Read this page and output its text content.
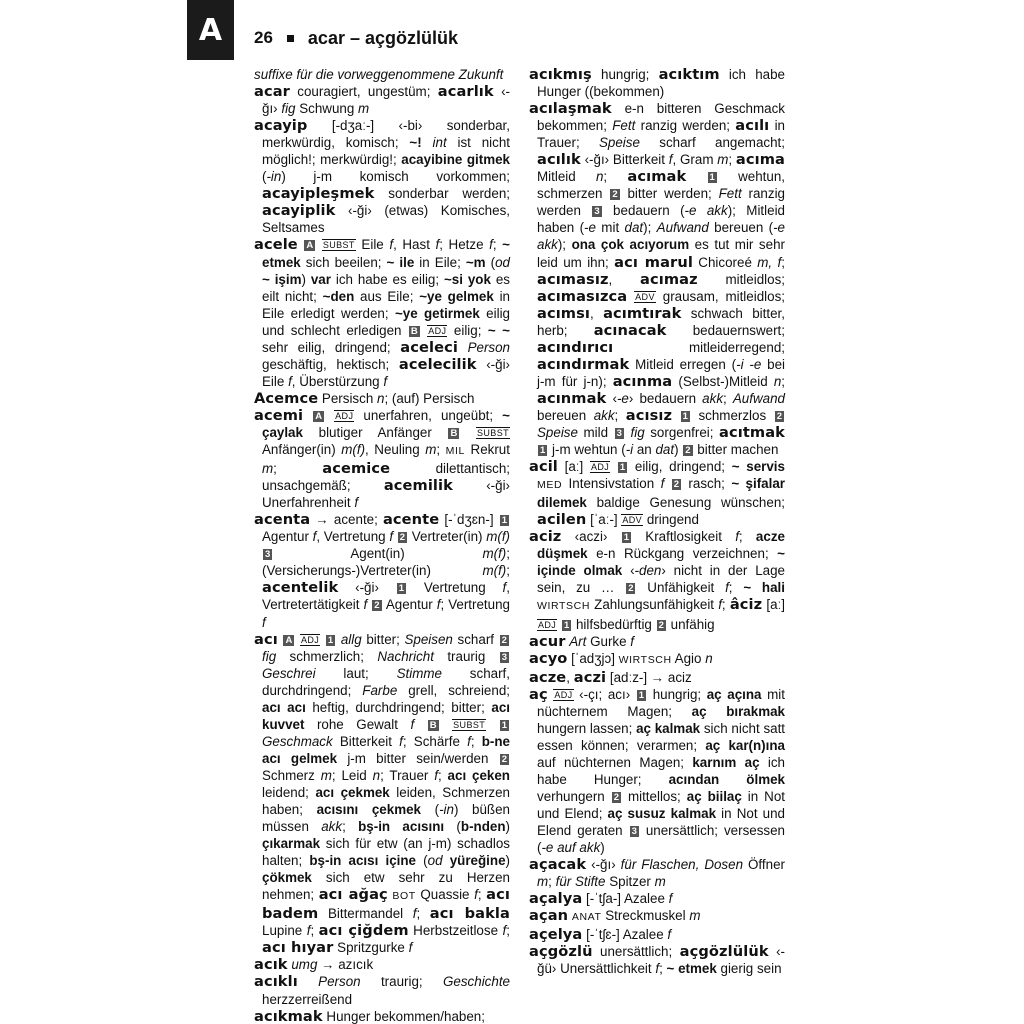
A 26 acar – açgözlülük
suffixe für die vorweggenommene Zukunft
acar couragiert, ungestüm; acarlık ‹-ğı› fig Schwung m
acayip [-dʒaː-] ‹-bi› sonderbar, merkwürdig, komisch; ~! int ist nicht möglich!; merkwürdig!; acayibine gitmek (-in) j-m komisch vorkommen; acayipleşmek sonderbar werden; acayiplik ‹-ği› (etwas) Komisches, Seltsames
acele A SUBST Eile f, Hast f; Hetze f; ~ etmek sich beeilen; ~ ile in Eile; ~m (od ~ işim) var ich habe es eilig; ~si yok es eilt nicht; ~den aus Eile; ~ye gelmek in Eile erledigt werden; ~ye getirmek eilig und schlecht erledigen B ADJ eilig; ~ ~ sehr eilig, dringend; aceleci Person geschäftig, hektisch; acelecilik ‹-ği› Eile f, Überstürzung f
Acemce Persisch n; (auf) Persisch
acemi A ADJ unerfahren, ungeübt; ~ çaylak blutiger Anfänger B SUBST Anfänger(in) m(f), Neuling m; MIL Rekrut m; acemice dilettantisch; unsachgemäß; acemilik ‹-ği› Unerfahrenheit f
acenta → acente; acente [-ˈdʒɛn-] 1 Agentur f, Vertretung f 2 Vertreter(in) m(f) 3 Agent(in) m(f); (Versicherungs-)Vertreter(in) m(f); acentelik ‹-ği› 1 Vertretung f, Vertretertätigkeit f 2 Agentur f; Vertretung f
acı A ADJ 1 allg bitter; Speisen scharf 2 fig schmerzlich; Nachricht traurig 3 Geschrei laut; Stimme scharf, durchdringend; Farbe grell, schreiend; acı acı heftig, durchdringend; bitter; acı kuvvet rohe Gewalt f B SUBST 1 Geschmack Bitterkeit f; Schärfe f; b-ne acı gelmek j-m bitter sein/werden 2 Schmerz m; Leid n; Trauer f; acı çeken leidend; acı çekmek leiden, Schmerzen haben; acısını çekmek (-in) büßen müssen akk; bş-in acısını (b-nden) çıkarmak sich für etw (an j-m) schadlos halten; bş-in acısı içine (od yüreğine) çökmek sich etw sehr zu Herzen nehmen; acı ağaç BOT Quassie f; acı badem Bittermandel f; acı bakla Lupine f; acı çiğdem Herbstzeitlose f; acı hıyar Spritzgurke f
acık umg → azıcık
acıklı Person traurig; Geschichte herzzerreißend
acıkmak Hunger bekommen/haben;
acıkmış hungrig; acıktım ich habe Hunger ((bekommen)
acılaşmak e-n bitteren Geschmack bekommen; Fett ranzig werden; acılı in Trauer; Speise scharf angemacht; acılık ‹-ğı› Bitterkeit f, Gram m; acıma Mitleid n; acımak 1 wehtun, schmerzen 2 bitter werden; Fett ranzig werden 3 bedauern (-e akk); Mitleid haben (-e mit dat); Aufwand bereuen (-e akk); ona çok acıyorum es tut mir sehr leid um ihn; acı marul Chicoreé m, f; acımasız, acımaz mitleidlos; acımasızca ADV grausam, mitleidlos; acımsı, acımtırak schwach bitter, herb; acınacak bedauernswert; acındırıcı mitleiderregend; acındırmak Mitleid erregen (-i -e bei j-m für j-n); acınma (Selbst-)Mitleid n; acınmak ‹-e› bedauern akk; Aufwand bereuen akk; acısız 1 schmerzlos 2 Speise mild 3 fig sorgenfrei; acıtmak 1 j-m wehtun (-i an dat) 2 bitter machen
acil [aː] ADJ 1 eilig, dringend; ~ servis MED Intensivstation f 2 rasch; ~ şifalar dilemek baldige Genesung wünschen; acilen [ˈaː-] ADV dringend
aciz ‹aczi› 1 Kraftlosigkeit f; acze düşmek e-n Rückgang verzeichnen; ~ içinde olmak ‹-den› nicht in der Lage sein, zu … 2 Unfähigkeit f; ~ hali WIRTSCH Zahlungsunfähigkeit f; âciz [aː] ADJ 1 hilfsbedürftig 2 unfähig
acur Art Gurke f
acyo [ˈadʒjɔ] WIRTSCH Agio n
acze, aczi [adːz-] → aciz
aç ADJ ‹-çı; acı› 1 hungrig; aç açına mit nüchternem Magen; aç bırakmak hungern lassen; aç kalmak sich nicht satt essen können; verarmen; aç kar(n)ına auf nüchternen Magen; karnım aç ich habe Hunger; acından ölmek verhungern 2 mittellos; aç biilaç in Not und Elend; aç susuz kalmak in Not und Elend geraten 3 unersättlich; versessen (-e auf akk)
açacak ‹-ğı› für Flaschen, Dosen Öffner m; für Stifte Spitzer m
açalya [-ˈtʃa-] Azalee f
açan ANAT Streckmuskel m
açelya [-ˈtʃɛ-] Azalee f
açgözlü unersättlich; açgözlülük ‹-ğü› Unersättlichkeit f; ~ etmek gierig sein
